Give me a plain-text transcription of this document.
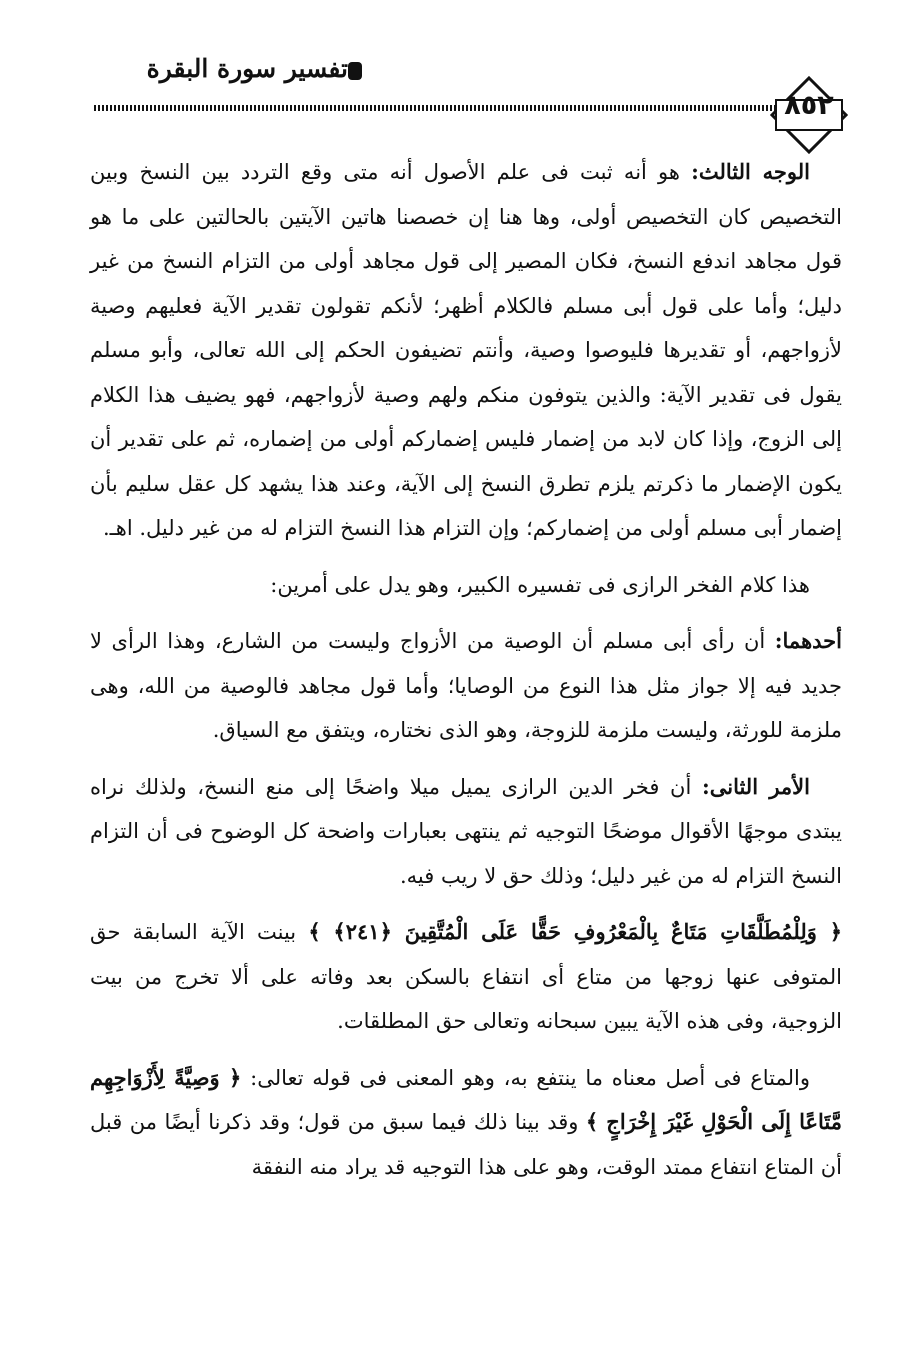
تفسير سورة البقرة
٨٥٢

الوجه الثالث: هو أنه ثبت فى علم الأصول أنه متى وقع التردد بين النسخ وبين التخصيص كان التخصيص أولى، وها هنا إن خصصنا هاتين الآيتين بالحالتين على ما هو قول مجاهد اندفع النسخ، فكان المصير إلى قول مجاهد أولى من التزام النسخ من غير دليل؛ وأما على قول أبى مسلم فالكلام أظهر؛ لأنكم تقولون تقدير الآية فعليهم وصية لأزواجهم، أو تقديرها فليوصوا وصية، وأنتم تضيفون الحكم إلى الله تعالى، وأبو مسلم يقول فى تقدير الآية: والذين يتوفون منكم ولهم وصية لأزواجهم، فهو يضيف هذا الكلام إلى الزوج، وإذا كان لابد من إضمار فليس إضماركم أولى من إضماره، ثم على تقدير أن يكون الإضمار ما ذكرتم يلزم تطرق النسخ إلى الآية، وعند هذا يشهد كل عقل سليم بأن إضمار أبى مسلم أولى من إضماركم؛ وإن التزام هذا النسخ التزام له من غير دليل. اهـ.

هذا كلام الفخر الرازى فى تفسيره الكبير، وهو يدل على أمرين:

أحدهما: أن رأى أبى مسلم أن الوصية من الأزواج وليست من الشارع، وهذا الرأى لا جديد فيه إلا جواز مثل هذا النوع من الوصايا؛ وأما قول مجاهد فالوصية من الله، وهى ملزمة للورثة، وليست ملزمة للزوجة، وهو الذى نختاره، ويتفق مع السياق.

الأمر الثانى: أن فخر الدين الرازى يميل ميلا واضحًا إلى منع النسخ، ولذلك نراه يبتدى موجهًا الأقوال موضحًا التوجيه ثم ينتهى بعبارات واضحة كل الوضوح فى أن التزام النسخ التزام له من غير دليل؛ وذلك حق لا ريب فيه.

﴿ وَلِلْمُطَلَّقَاتِ مَتَاعٌ بِالْمَعْرُوفِ حَقًّا عَلَى الْمُتَّقِينَ ﴿٢٤١﴾ ﴾ بينت الآية السابقة حق المتوفى عنها زوجها من متاع أى انتفاع بالسكن بعد وفاته على ألا تخرج من بيت الزوجية، وفى هذه الآية يبين سبحانه وتعالى حق المطلقات.

والمتاع فى أصل معناه ما ينتفع به، وهو المعنى فى قوله تعالى: ﴿ وَصِيَّةً لِأَزْوَاجِهِم مَّتَاعًا إِلَى الْحَوْلِ غَيْرَ إِخْرَاجٍ ﴾ وقد بينا ذلك فيما سبق من قول؛ وقد ذكرنا أيضًا من قبل أن المتاع انتفاع ممتد الوقت، وهو على هذا التوجيه قد يراد منه النفقة
